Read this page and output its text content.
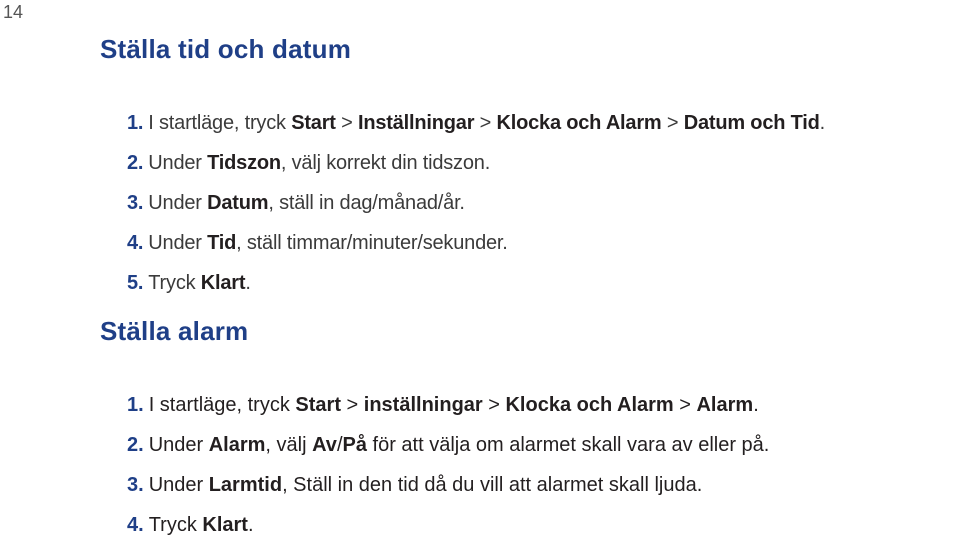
14
Ställa tid och datum
1. I startläge, tryck Start > Inställningar > Klocka och Alarm > Datum och Tid.
2. Under Tidszon, välj korrekt din tidszon.
3. Under Datum, ställ in dag/månad/år.
4. Under Tid, ställ timmar/minuter/sekunder.
5. Tryck Klart.
Ställa alarm
1. I startläge, tryck Start > inställningar > Klocka och Alarm > Alarm.
2. Under Alarm, välj Av/På för att välja om alarmet skall vara av eller på.
3. Under Larmtid, Ställ in den tid då du vill att alarmet skall ljuda.
4. Tryck Klart.
